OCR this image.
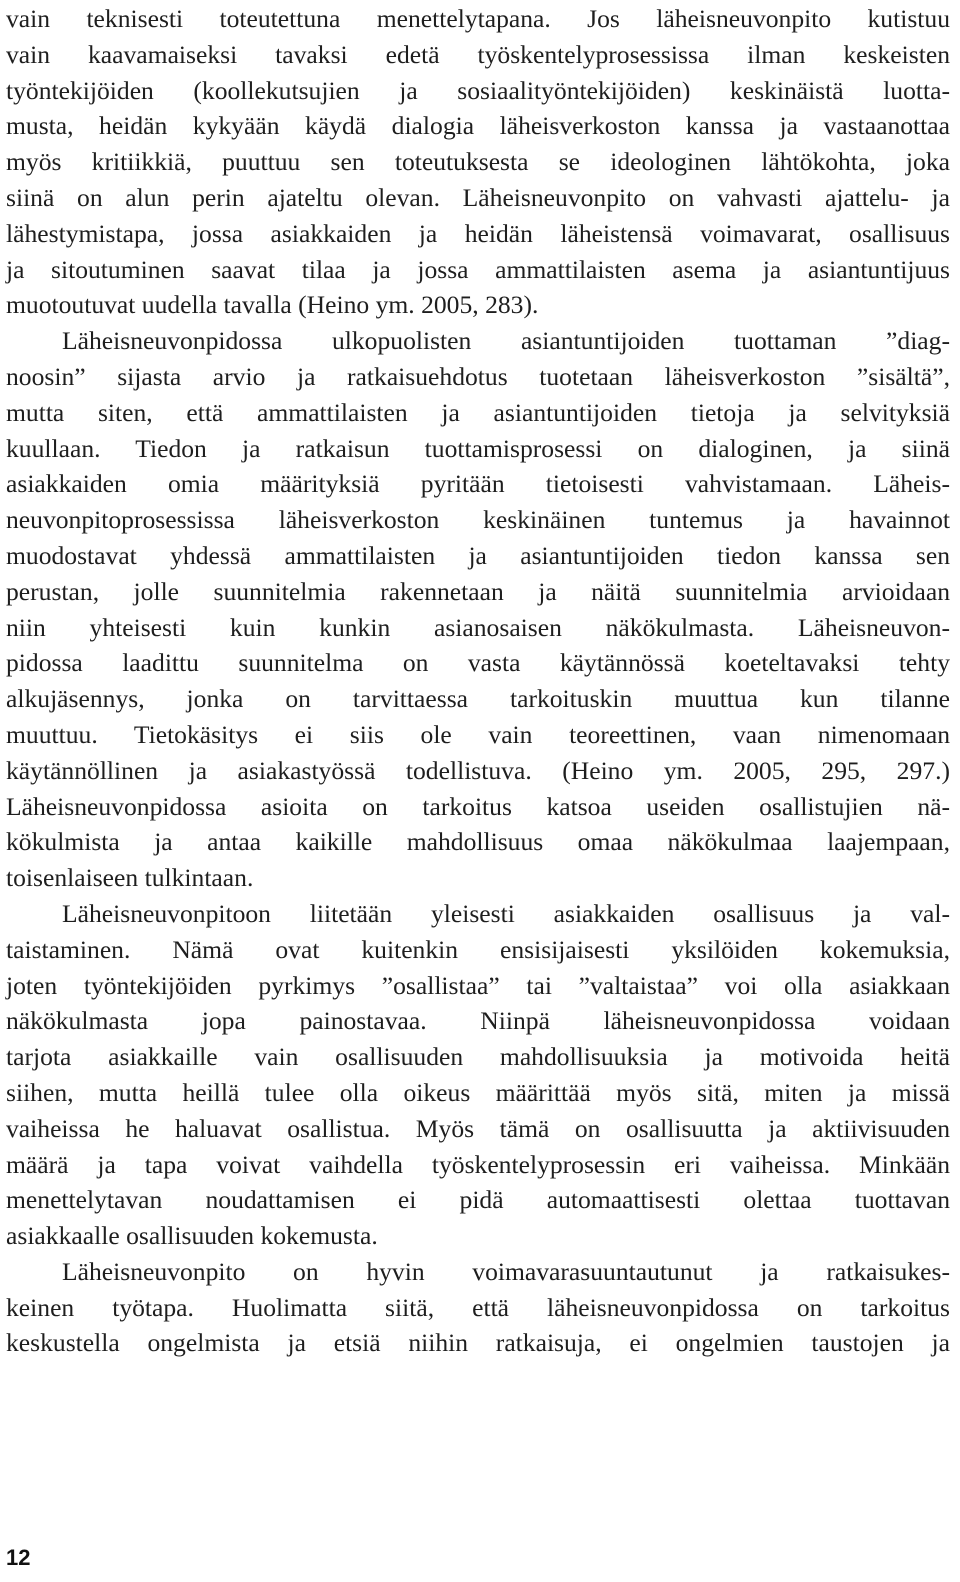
vain teknisesti toteutettuna menettelytapana. Jos läheisneuvonpito kutistuu
vain kaavamaiseksi tavaksi edetä työskentelyprosessissa ilman keskeisten
työntekijöiden (koollekutsujien ja sosiaalityöntekijöiden) keskinäistä luotta-
musta, heidän kykyään käydä dialogia läheisverkoston kanssa ja vastaanottaa
myös kritiikkiä, puuttuu sen toteutuksesta se ideologinen lähtökohta, joka
siinä on alun perin ajateltu olevan. Läheisneuvonpito on vahvasti ajattelu- ja
lähestymistapa, jossa asiakkaiden ja heidän läheistensä voimavarat, osallisuus
ja sitoutuminen saavat tilaa ja jossa ammattilaisten asema ja asiantuntijuus
muotoutuvat uudella tavalla (Heino ym. 2005, 283).
Läheisneuvonpidossa ulkopuolisten asiantuntijoiden tuottaman ”diag-
noosin” sijasta arvio ja ratkaisuehdotus tuotetaan läheisverkoston ”sisältä”,
mutta siten, että ammattilaisten ja asiantuntijoiden tietoja ja selvityksiä
kuullaan. Tiedon ja ratkaisun tuottamisprosessi on dialoginen, ja siinä
asiakkaiden omia määrityksiä pyritään tietoisesti vahvistamaan. Läheis-
neuvonpitoprosessissa läheisverkoston keskinäinen tuntemus ja havainnot
muodostavat yhdessä ammattilaisten ja asiantuntijoiden tiedon kanssa sen
perustan, jolle suunnitelmia rakennetaan ja näitä suunnitelmia arvioidaan
niin yhteisesti kuin kunkin asianosaisen näkökulmasta. Läheisneuvon-
pidossa laadittu suunnitelma on vasta käytännössä koeteltavaksi tehty
alkujäsennys, jonka on tarvittaessa tarkoituskin muuttua kun tilanne
muuttuu. Tietokäsitys ei siis ole vain teoreettinen, vaan nimenomaan
käytännöllinen ja asiakastyössä todellistuva. (Heino ym. 2005, 295, 297.)
Läheisneuvonpidossa asioita on tarkoitus katsoa useiden osallistujien nä-
kökulmista ja antaa kaikille mahdollisuus omaa näkökulmaa laajempaan,
toisenlaiseen tulkintaan.
Läheisneuvonpitoon liitetään yleisesti asiakkaiden osallisuus ja val-
taistaminen. Nämä ovat kuitenkin ensisijaisesti yksilöiden kokemuksia,
joten työntekijöiden pyrkimys ”osallistaa” tai ”valtaistaa” voi olla asiakkaan
näkökulmasta jopa painostavaa. Niinpä läheisneuvonpidossa voidaan
tarjota asiakkaille vain osallisuuden mahdollisuuksia ja motivoida heitä
siihen, mutta heillä tulee olla oikeus määrittää myös sitä, miten ja missä
vaiheissa he haluavat osallistua. Myös tämä on osallisuutta ja aktiivisuuden
määrä ja tapa voivat vaihdella työskentelyprosessin eri vaiheissa. Minkään
menettelytavan noudattamisen ei pidä automaattisesti olettaa tuottavan
asiakkaalle osallisuuden kokemusta.
Läheisneuvonpito on hyvin voimavarasuuntautunut ja ratkaisukes-
keinen työtapa. Huolimatta siitä, että läheisneuvonpidossa on tarkoitus
keskustella ongelmista ja etsiä niihin ratkaisuja, ei ongelmien taustojen ja
12
